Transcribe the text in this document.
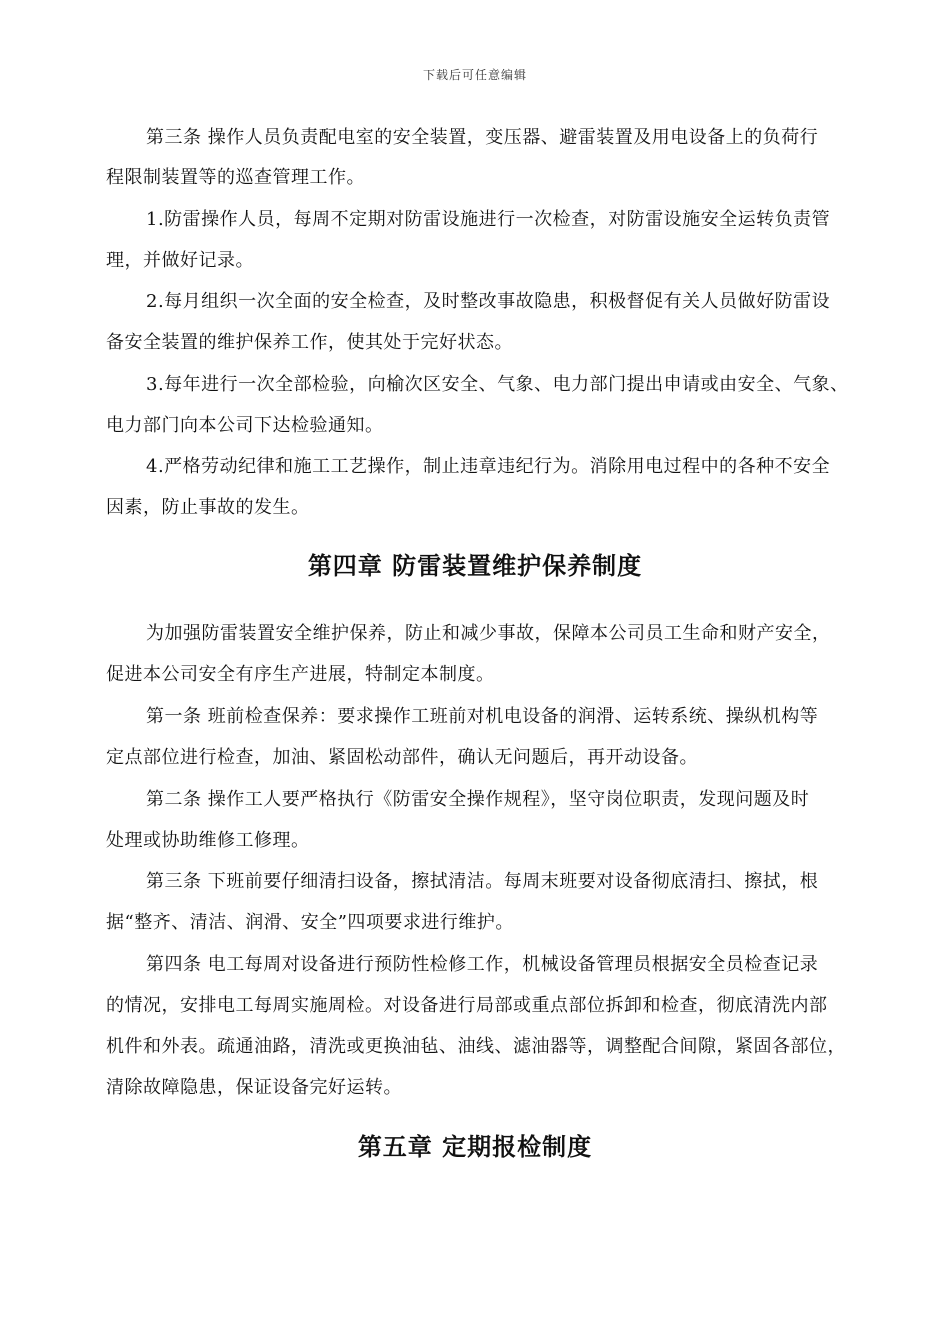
下载后可任意编辑
第三条 操作人员负责配电室的安全装置，变压器、避雷装置及用电设备上的负荷行
程限制装置等的巡查管理工作。
1.防雷操作人员，每周不定期对防雷设施进行一次检查，对防雷设施安全运转负责管
理，并做好记录。
2.每月组织一次全面的安全检查，及时整改事故隐患，积极督促有关人员做好防雷设
备安全装置的维护保养工作，使其处于完好状态。
3.每年进行一次全部检验，向榆次区安全、气象、电力部门提出申请或由安全、气象、
电力部门向本公司下达检验通知。
4.严格劳动纪律和施工工艺操作，制止违章违纪行为。消除用电过程中的各种不安全
因素，防止事故的发生。
第四章 防雷装置维护保养制度
为加强防雷装置安全维护保养，防止和减少事故，保障本公司员工生命和财产安全，
促进本公司安全有序生产进展，特制定本制度。
第一条 班前检查保养：要求操作工班前对机电设备的润滑、运转系统、操纵机构等
定点部位进行检查，加油、紧固松动部件，确认无问题后，再开动设备。
第二条 操作工人要严格执行《防雷安全操作规程》，坚守岗位职责，发现问题及时
处理或协助维修工修理。
第三条 下班前要仔细清扫设备，擦拭清洁。每周末班要对设备彻底清扫、擦拭，根
据“整齐、清洁、润滑、安全”四项要求进行维护。
第四条 电工每周对设备进行预防性检修工作，机械设备管理员根据安全员检查记录
的情况，安排电工每周实施周检。对设备进行局部或重点部位拆卸和检查，彻底清洗内部
机件和外表。疏通油路，清洗或更换油毡、油线、滤油器等，调整配合间隙，紧固各部位，
清除故障隐患，保证设备完好运转。
第五章 定期报检制度
